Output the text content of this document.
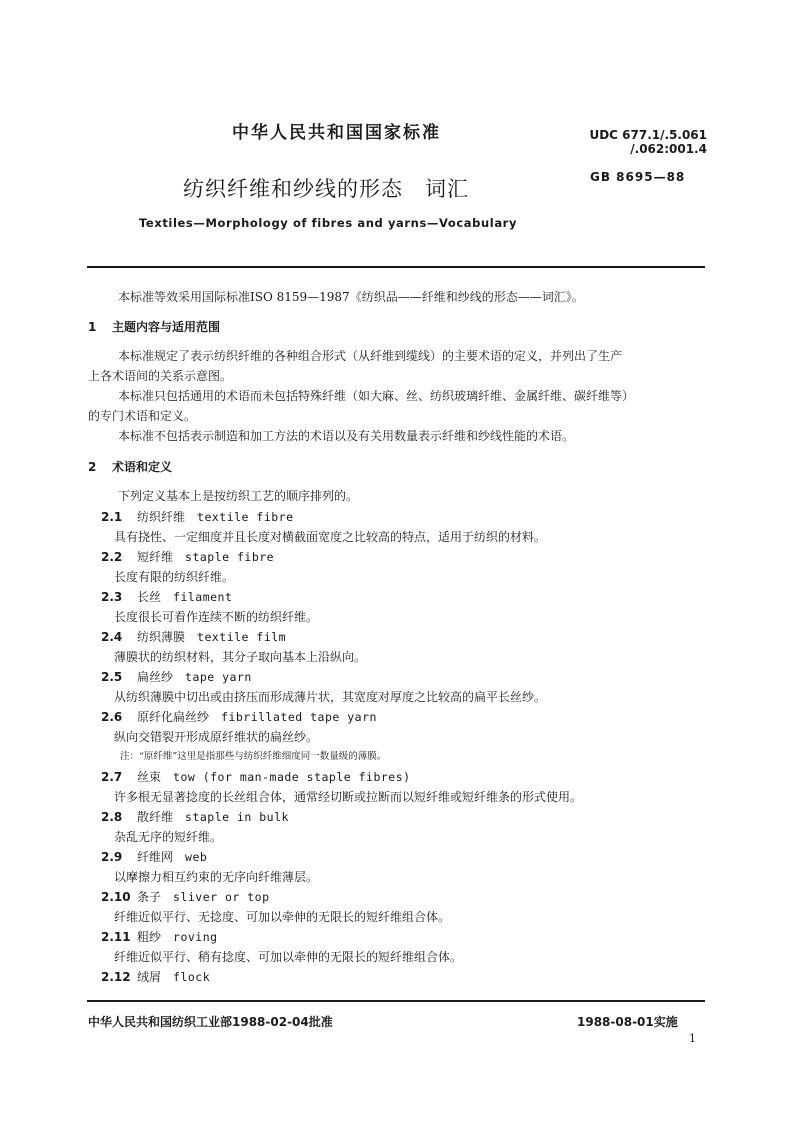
中华人民共和国国家标准	UDC 677.1/.5.061
/.062:001.4
纺织纤维和纱线的形态　词汇	GB 8695—88
Textiles—Morphology of fibres and yarns—Vocabulary
本标准等效采用国际标准ISO 8159—1987《纺织品——纤维和纱线的形态——词汇》。
1 主题内容与适用范围
本标准规定了表示纺织纤维的各种组合形式（从纤维到缆线）的主要术语的定义，并列出了生产
上各术语间的关系示意图。
本标准只包括通用的术语而未包括特殊纤维（如大麻、丝、纺织玻璃纤维、金属纤维、碳纤维等）
的专门术语和定义。
本标准不包括表示制造和加工方法的术语以及有关用数量表示纤维和纱线性能的术语。
2 术语和定义
下列定义基本上是按纺织工艺的顺序排列的。
2.1 纺织纤维 textile fibre
具有挠性、一定细度并且长度对横截面宽度之比较高的特点，适用于纺织的材料。
2.2 短纤维 staple fibre
长度有限的纺织纤维。
2.3 长丝 filament
长度很长可看作连续不断的纺织纤维。
2.4 纺织薄膜 textile film
薄膜状的纺织材料，其分子取向基本上沿纵向。
2.5 扁丝纱 tape yarn
从纺织薄膜中切出或由挤压而形成薄片状，其宽度对厚度之比较高的扁平长丝纱。
2.6 原纤化扁丝纱 fibrillated tape yarn
纵向交错裂开形成原纤维状的扁丝纱。
注：“原纤维”这里是指那些与纺织纤维细度同一数量级的薄膜。
2.7 丝束 tow (for man-made staple fibres)
许多根无显著捻度的长丝组合体，通常经切断或拉断而以短纤维或短纤维条的形式使用。
2.8 散纤维 staple in bulk
杂乱无序的短纤维。
2.9 纤维网 web
以摩擦力相互约束的无序向纤维薄层。
2.10 条子 sliver or top
纤维近似平行、无捻度、可加以牵伸的无限长的短纤维组合体。
2.11 粗纱 roving
纤维近似平行、稍有捻度、可加以牵伸的无限长的短纤维组合体。
2.12 绒屑 flock
中华人民共和国纺织工业部1988-02-04批准	1988-08-01实施
1
